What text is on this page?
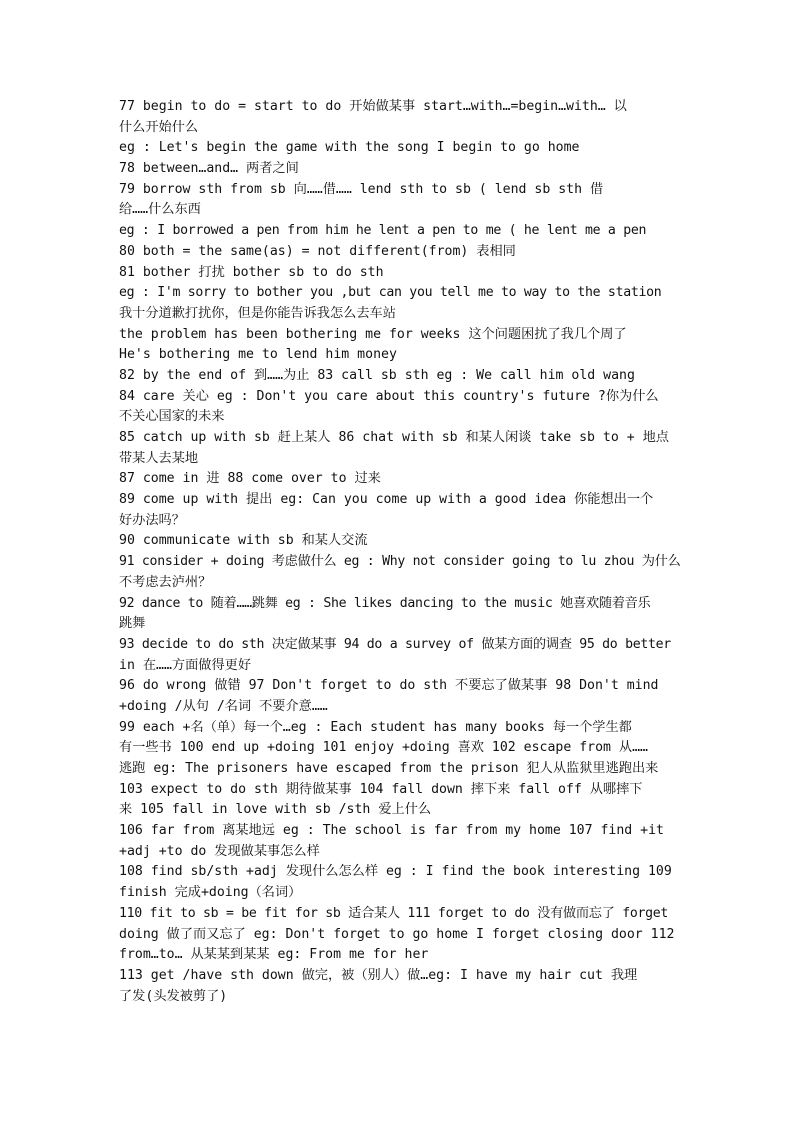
77 begin to do = start to do 开始做某事 start…with…=begin…with… 以
什么开始什么
eg : Let's begin the game with the song I begin to go home
78 between…and… 两者之间
79 borrow sth from sb 向……借…… lend sth to sb ( lend sb sth 借
给……什么东西
eg : I borrowed a pen from him he lent a pen to me ( he lent me a pen
80 both = the same(as) = not different(from) 表相同
81 bother 打扰 bother sb to do sth
eg : I'm sorry to bother you ,but can you tell me to way to the station
我十分道歉打扰你，但是你能告诉我怎么去车站
the problem has been bothering me for weeks 这个问题困扰了我几个周了
He's bothering me to lend him money
82 by the end of 到……为止 83 call sb sth eg : We call him old wang
84 care 关心 eg : Don't you care about this country's future ?你为什么
不关心国家的未来
85 catch up with sb 赶上某人 86 chat with sb 和某人闲谈 take sb to + 地点
带某人去某地
87 come in 进 88 come over to 过来
89 come up with 提出 eg: Can you come up with a good idea 你能想出一个
好办法吗？
90 communicate with sb 和某人交流
91 consider + doing 考虑做什么 eg : Why not consider going to lu zhou 为什么
不考虑去泸州？
92 dance to 随着……跳舞 eg : She likes dancing to the music 她喜欢随着音乐
跳舞
93 decide to do sth 决定做某事 94 do a survey of 做某方面的调查 95 do better
in 在……方面做得更好
96 do wrong 做错 97 Don't forget to do sth 不要忘了做某事 98 Don't mind
+doing /从句 /名词 不要介意……
99 each +名（单）每一个…eg : Each student has many books 每一个学生都
有一些书 100 end up +doing 101 enjoy +doing 喜欢 102 escape from 从……
逃跑 eg: The prisoners have escaped from the prison 犯人从监狱里逃跑出来
103 expect to do sth 期待做某事 104 fall down 摔下来 fall off 从哪摔下
来 105 fall in love with sb /sth 爱上什么
106 far from 离某地远 eg : The school is far from my home 107 find +it
+adj +to do 发现做某事怎么样
108 find sb/sth +adj 发现什么怎么样 eg : I find the book interesting 109
finish 完成+doing（名词）
110 fit to sb = be fit for sb 适合某人 111 forget to do 没有做而忘了 forget
doing 做了而又忘了 eg: Don't forget to go home I forget closing door 112
from…to… 从某某到某某 eg: From me for her
113 get /have sth down 做完，被（别人）做…eg: I have my hair cut 我理
了发(头发被剪了)
